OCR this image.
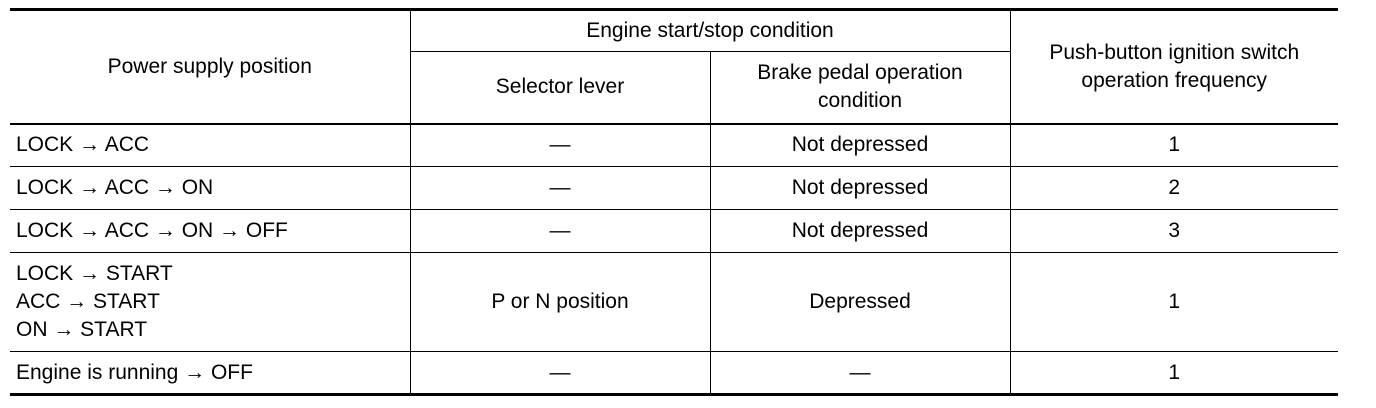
Power supply position	Engine start/stop condition		Push-button ignition switch
operation frequency

	Selector lever	Brake pedal operation
condition	

LOCK → ACC	—	Not depressed	1

LOCK → ACC → ON	—	Not depressed	2

LOCK → ACC → ON → OFF	—	Not depressed	3

LOCK → START
ACC → START
ON → START	P or N position	Depressed	1

Engine is running → OFF	—	—	1
